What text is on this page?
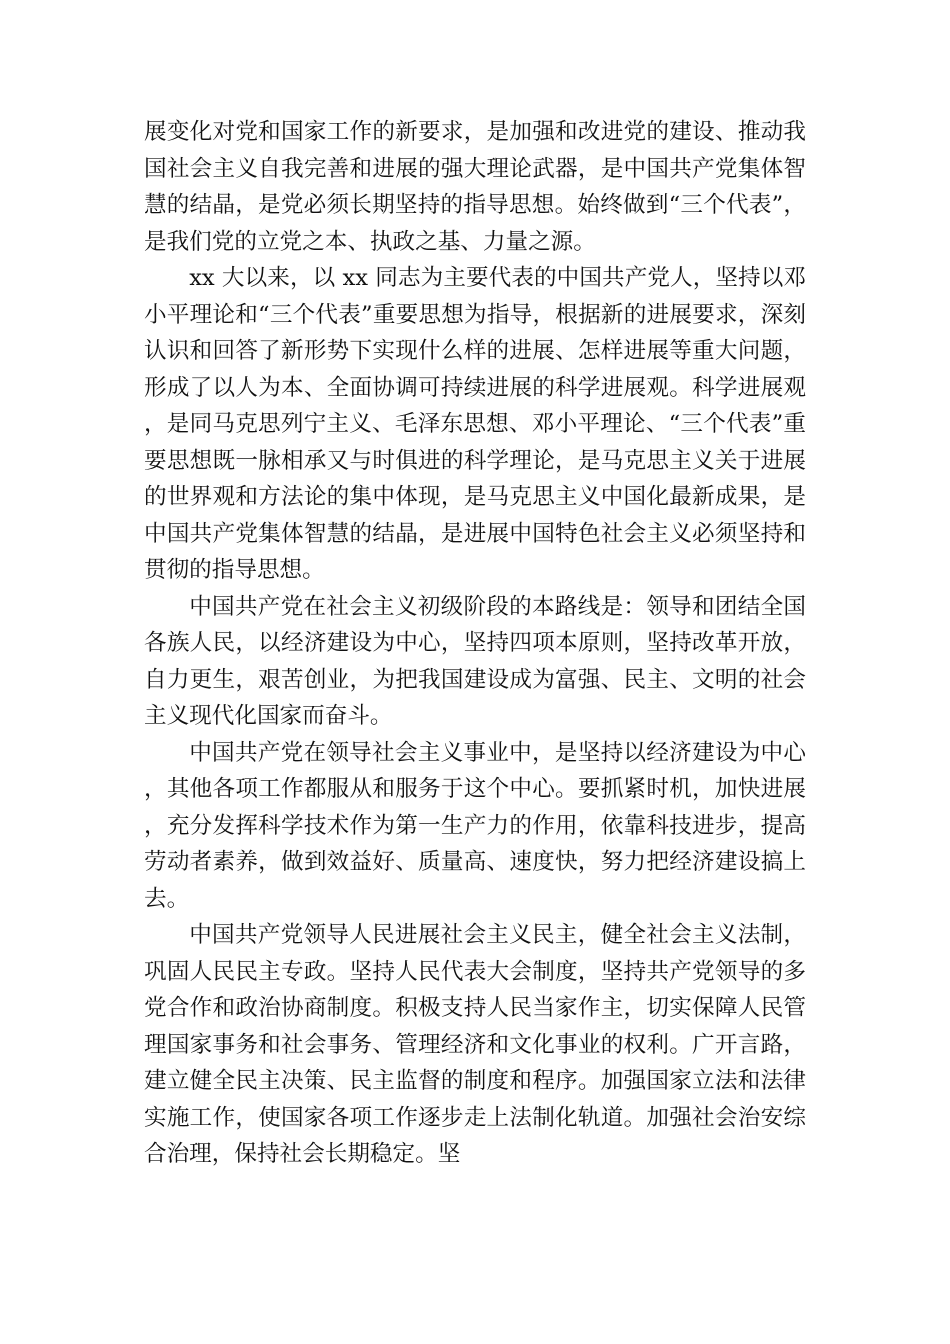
展变化对党和国家工作的新要求，是加强和改进党的建设、推动我国社会主义自我完善和进展的强大理论武器，是中国共产党集体智慧的结晶，是党必须长期坚持的指导思想。始终做到“三个代表”，是我们党的立党之本、执政之基、力量之源。

xx 大以来，以 xx 同志为主要代表的中国共产党人，坚持以邓小平理论和“三个代表”重要思想为指导，根据新的进展要求，深刻认识和回答了新形势下实现什么样的进展、怎样进展等重大问题，形成了以人为本、全面协调可持续进展的科学进展观。科学进展观，是同马克思列宁主义、毛泽东思想、邓小平理论、“三个代表”重要思想既一脉相承又与时俱进的科学理论，是马克思主义关于进展的世界观和方法论的集中体现，是马克思主义中国化最新成果，是中国共产党集体智慧的结晶，是进展中国特色社会主义必须坚持和贯彻的指导思想。

中国共产党在社会主义初级阶段的本路线是：领导和团结全国各族人民，以经济建设为中心，坚持四项本原则，坚持改革开放，自力更生，艰苦创业，为把我国建设成为富强、民主、文明的社会主义现代化国家而奋斗。

中国共产党在领导社会主义事业中，是坚持以经济建设为中心，其他各项工作都服从和服务于这个中心。要抓紧时机，加快进展，充分发挥科学技术作为第一生产力的作用，依靠科技进步，提高劳动者素养，做到效益好、质量高、速度快，努力把经济建设搞上去。

中国共产党领导人民进展社会主义民主，健全社会主义法制，巩固人民民主专政。坚持人民代表大会制度，坚持共产党领导的多党合作和政治协商制度。积极支持人民当家作主，切实保障人民管理国家事务和社会事务、管理经济和文化事业的权利。广开言路，建立健全民主决策、民主监督的制度和程序。加强国家立法和法律实施工作，使国家各项工作逐步走上法制化轨道。加强社会治安综合治理，保持社会长期稳定。坚
